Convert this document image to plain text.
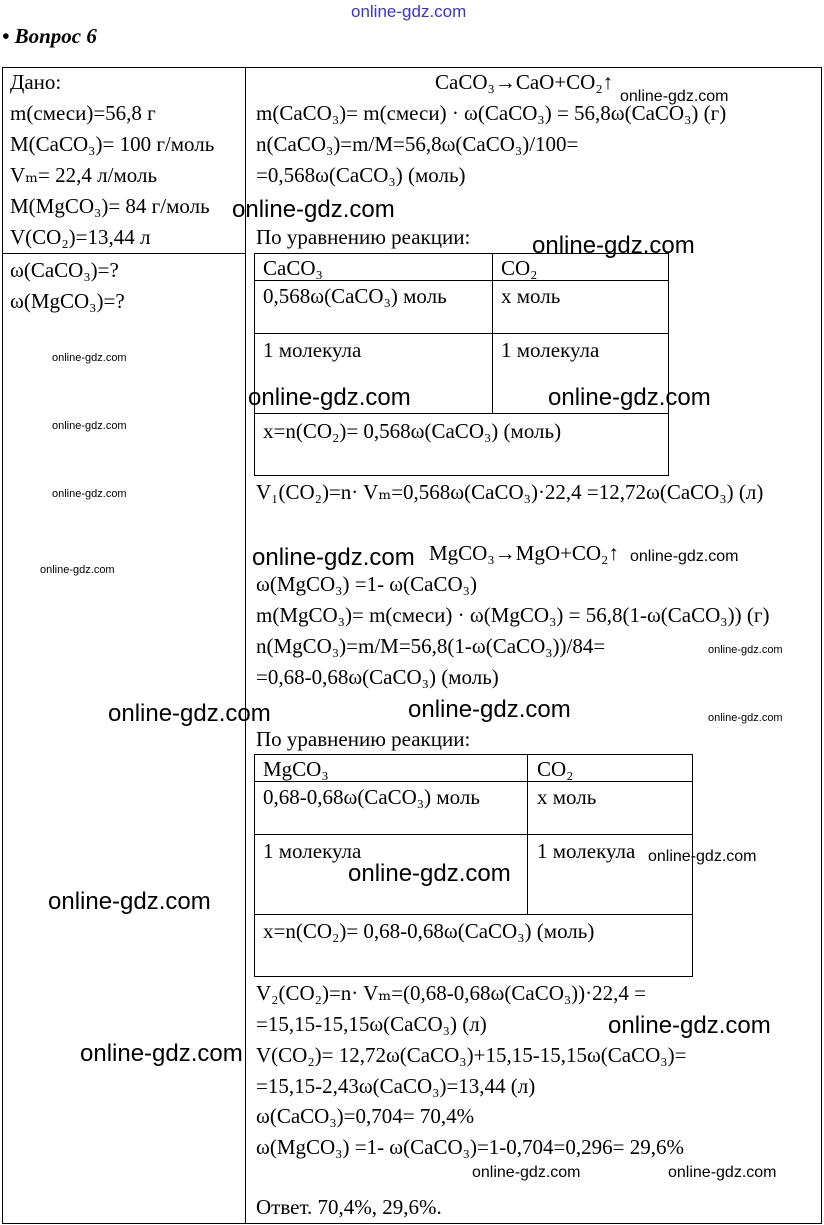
online-gdz.com
• Вопрос 6
Дано:
m(смеси)=56,8 г
M(CaCO₃)= 100 г/моль
Vₘ= 22,4 л/моль
M(MgCO₃)= 84 г/моль
V(CO₂)=13,44 л
ω(CaCO₃)=?
ω(MgCO₃)=?
CaCO₃→CaO+CO₂↑
m(CaCO₃)= m(смеси) · ω(CaCO₃) = 56,8ω(CaCO₃) (г)
n(CaCO₃)=m/M=56,8ω(CaCO₃)/100=
=0,568ω(CaCO₃) (моль)
По уравнению реакции:
CaCO₃	CO₂
0,568ω(CaCO₃) моль	x моль
1 молекула	1 молекула
x=n(CO₂)= 0,568ω(CaCO₃) (моль)
V₁(CO₂)=n· Vₘ=0,568ω(CaCO₃)·22,4 =12,72ω(CaCO₃) (л)
MgCO₃→MgO+CO₂↑
ω(MgCO₃) =1- ω(CaCO₃)
m(MgCO₃)= m(смеси) · ω(MgCO₃) = 56,8(1-ω(CaCO₃)) (г)
n(MgCO₃)=m/M=56,8(1-ω(CaCO₃))/84=
=0,68-0,68ω(CaCO₃) (моль)
По уравнению реакции:
MgCO₃	CO₂
0,68-0,68ω(CaCO₃) моль	x моль
1 молекула	1 молекула
x=n(CO₂)= 0,68-0,68ω(CaCO₃) (моль)
V₂(CO₂)=n· Vₘ=(0,68-0,68ω(CaCO₃))·22,4 =
=15,15-15,15ω(CaCO₃) (л)
V(CO₂)= 12,72ω(CaCO₃)+15,15-15,15ω(CaCO₃)=
=15,15-2,43ω(CaCO₃)=13,44 (л)
ω(CaCO₃)=0,704= 70,4%
ω(MgCO₃) =1- ω(CaCO₃)=1-0,704=0,296= 29,6%
Ответ. 70,4%, 29,6%.
online-gdz.com
online-gdz.com
online-gdz.com
online-gdz.com
online-gdz.com	online-gdz.com
online-gdz.com
online-gdz.com
online-gdz.com	online-gdz.com
online-gdz.com
online-gdz.com
online-gdz.com
online-gdz.com	online-gdz.com
online-gdz.com
online-gdz.com
online-gdz.com
online-gdz.com
online-gdz.com
online-gdz.com	online-gdz.com
